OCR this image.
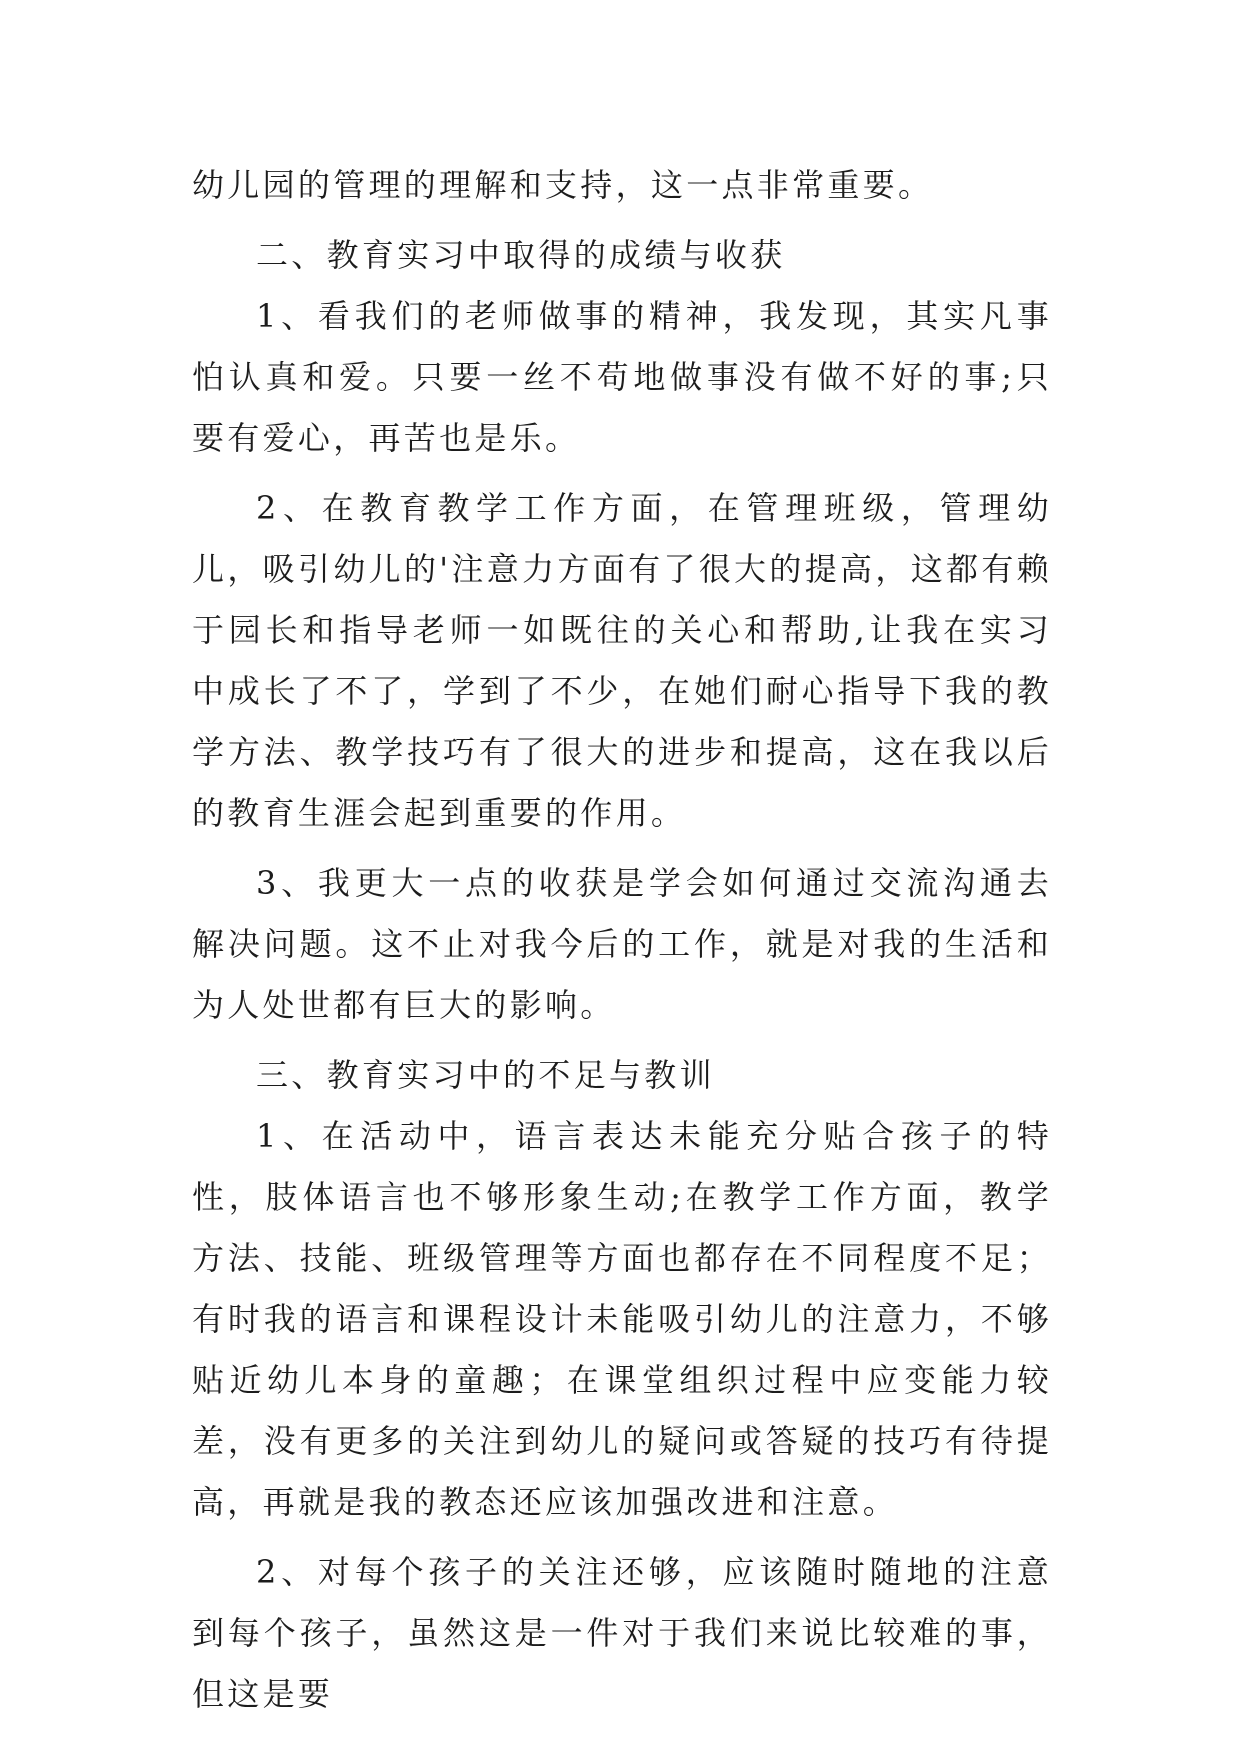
幼儿园的管理的理解和支持，这一点非常重要。

二、教育实习中取得的成绩与收获

1、看我们的老师做事的精神，我发现，其实凡事怕认真和爱。只要一丝不苟地做事没有做不好的事;只要有爱心，再苦也是乐。

2、在教育教学工作方面，在管理班级，管理幼儿，吸引幼儿的'注意力方面有了很大的提高，这都有赖于园长和指导老师一如既往的关心和帮助,让我在实习中成长了不了，学到了不少，在她们耐心指导下我的教学方法、教学技巧有了很大的进步和提高，这在我以后的教育生涯会起到重要的作用。

3、我更大一点的收获是学会如何通过交流沟通去解决问题。这不止对我今后的工作，就是对我的生活和为人处世都有巨大的影响。

三、教育实习中的不足与教训

1、在活动中，语言表达未能充分贴合孩子的特性，肢体语言也不够形象生动;在教学工作方面，教学方法、技能、班级管理等方面也都存在不同程度不足；有时我的语言和课程设计未能吸引幼儿的注意力，不够贴近幼儿本身的童趣；在课堂组织过程中应变能力较差，没有更多的关注到幼儿的疑问或答疑的技巧有待提高，再就是我的教态还应该加强改进和注意。

2、对每个孩子的关注还够，应该随时随地的注意到每个孩子，虽然这是一件对于我们来说比较难的事，但这是要
